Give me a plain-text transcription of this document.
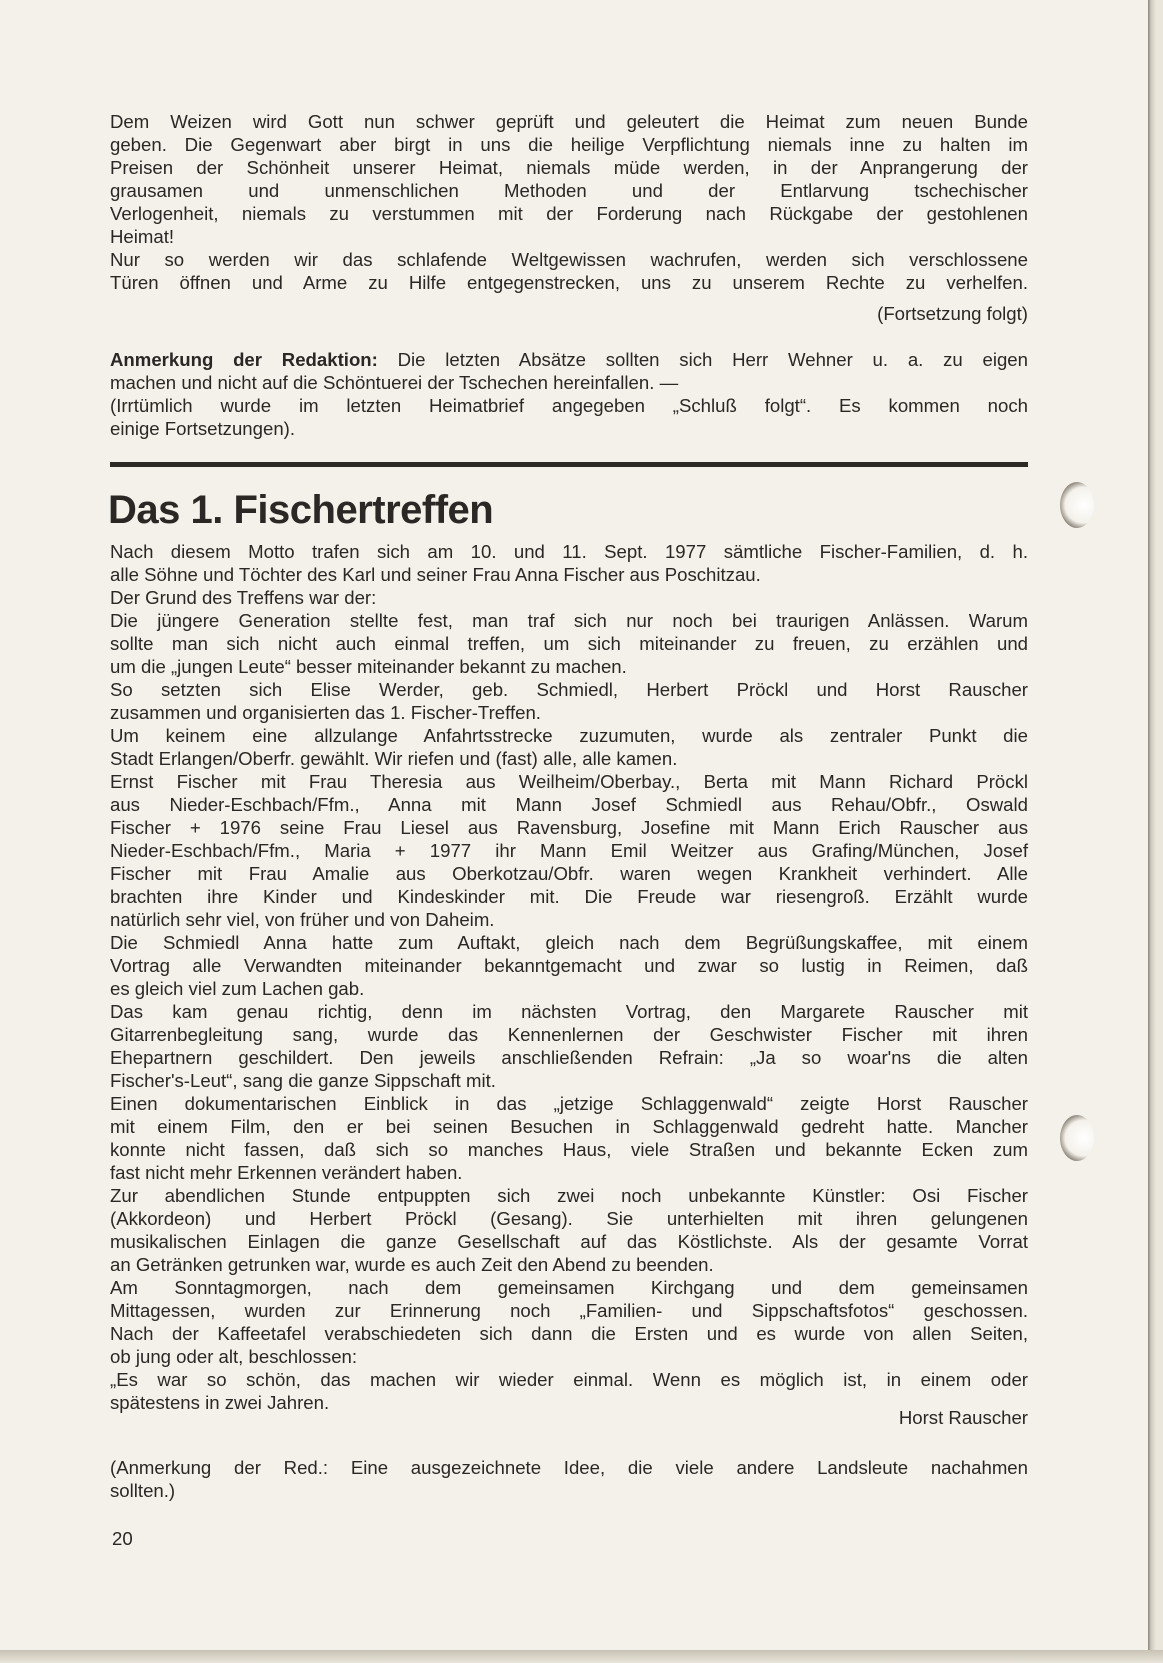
Dem Weizen wird Gott nun schwer geprüft und geleutert die Heimat zum neuen Bunde
geben. Die Gegenwart aber birgt in uns die heilige Verpflichtung niemals inne zu halten im
Preisen der Schönheit unserer Heimat, niemals müde werden, in der Anprangerung der
grausamen und unmenschlichen Methoden und der Entlarvung tschechischer
Verlogenheit, niemals zu verstummen mit der Forderung nach Rückgabe der gestohlenen
Heimat!
Nur so werden wir das schlafende Weltgewissen wachrufen, werden sich verschlossene
Türen öffnen und Arme zu Hilfe entgegenstrecken, uns zu unserem Rechte zu verhelfen.
(Fortsetzung folgt)
Anmerkung der Redaktion: Die letzten Absätze sollten sich Herr Wehner u. a. zu eigen
machen und nicht auf die Schöntuerei der Tschechen hereinfallen. —
(Irrtümlich wurde im letzten Heimatbrief angegeben „Schluß folgt“. Es kommen noch
einige Fortsetzungen).
Das 1. Fischertreffen
Nach diesem Motto trafen sich am 10. und 11. Sept. 1977 sämtliche Fischer-Familien, d. h.
alle Söhne und Töchter des Karl und seiner Frau Anna Fischer aus Poschitzau.
Der Grund des Treffens war der:
Die jüngere Generation stellte fest, man traf sich nur noch bei traurigen Anlässen. Warum
sollte man sich nicht auch einmal treffen, um sich miteinander zu freuen, zu erzählen und
um die „jungen Leute“ besser miteinander bekannt zu machen.
So setzten sich Elise Werder, geb. Schmiedl, Herbert Pröckl und Horst Rauscher
zusammen und organisierten das 1. Fischer-Treffen.
Um keinem eine allzulange Anfahrtsstrecke zuzumuten, wurde als zentraler Punkt die
Stadt Erlangen/Oberfr. gewählt. Wir riefen und (fast) alle, alle kamen.
Ernst Fischer mit Frau Theresia aus Weilheim/Oberbay., Berta mit Mann Richard Pröckl
aus Nieder-Eschbach/Ffm., Anna mit Mann Josef Schmiedl aus Rehau/Obfr., Oswald
Fischer + 1976 seine Frau Liesel aus Ravensburg, Josefine mit Mann Erich Rauscher aus
Nieder-Eschbach/Ffm., Maria + 1977 ihr Mann Emil Weitzer aus Grafing/München, Josef
Fischer mit Frau Amalie aus Oberkotzau/Obfr. waren wegen Krankheit verhindert. Alle
brachten ihre Kinder und Kindeskinder mit. Die Freude war riesengroß. Erzählt wurde
natürlich sehr viel, von früher und von Daheim.
Die Schmiedl Anna hatte zum Auftakt, gleich nach dem Begrüßungskaffee, mit einem
Vortrag alle Verwandten miteinander bekanntgemacht und zwar so lustig in Reimen, daß
es gleich viel zum Lachen gab.
Das kam genau richtig, denn im nächsten Vortrag, den Margarete Rauscher mit
Gitarrenbegleitung sang, wurde das Kennenlernen der Geschwister Fischer mit ihren
Ehepartnern geschildert. Den jeweils anschließenden Refrain: „Ja so woar'ns die alten
Fischer's-Leut“, sang die ganze Sippschaft mit.
Einen dokumentarischen Einblick in das „jetzige Schlaggenwald“ zeigte Horst Rauscher
mit einem Film, den er bei seinen Besuchen in Schlaggenwald gedreht hatte. Mancher
konnte nicht fassen, daß sich so manches Haus, viele Straßen und bekannte Ecken zum
fast nicht mehr Erkennen verändert haben.
Zur abendlichen Stunde entpuppten sich zwei noch unbekannte Künstler: Osi Fischer
(Akkordeon) und Herbert Pröckl (Gesang). Sie unterhielten mit ihren gelungenen
musikalischen Einlagen die ganze Gesellschaft auf das Köstlichste. Als der gesamte Vorrat
an Getränken getrunken war, wurde es auch Zeit den Abend zu beenden.
Am Sonntagmorgen, nach dem gemeinsamen Kirchgang und dem gemeinsamen
Mittagessen, wurden zur Erinnerung noch „Familien- und Sippschaftsfotos“ geschossen.
Nach der Kaffeetafel verabschiedeten sich dann die Ersten und es wurde von allen Seiten,
ob jung oder alt, beschlossen:
„Es war so schön, das machen wir wieder einmal. Wenn es möglich ist, in einem oder
spätestens in zwei Jahren.
Horst Rauscher
(Anmerkung der Red.: Eine ausgezeichnete Idee, die viele andere Landsleute nachahmen
sollten.)
20
